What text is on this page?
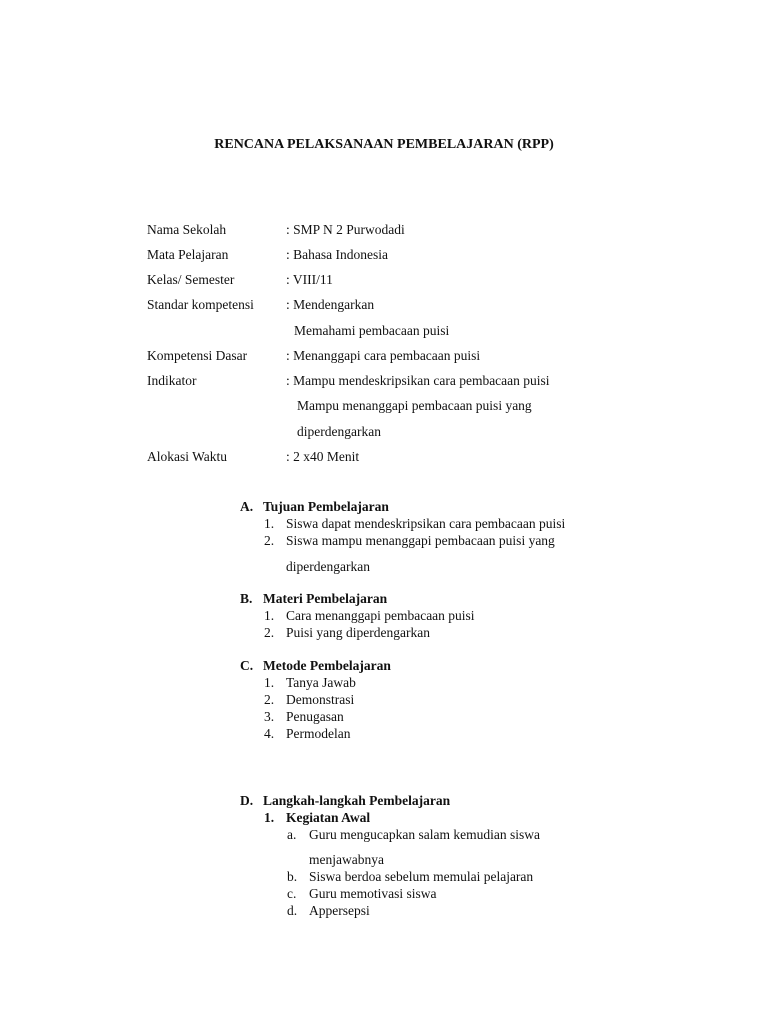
RENCANA PELAKSANAAN PEMBELAJARAN (RPP)
Nama Sekolah	: SMP N 2 Purwodadi
Mata Pelajaran	: Bahasa Indonesia
Kelas/ Semester	: VIII/11
Standar kompetensi : Mendengarkan
Memahami pembacaan puisi
Kompetensi Dasar	: Menanggapi cara pembacaan puisi
Indikator	: Mampu mendeskripsikan cara pembacaan puisi
Mampu menanggapi pembacaan puisi yang
diperdengarkan
Alokasi Waktu	: 2 x40 Menit
A. Tujuan Pembelajaran
1. Siswa dapat mendeskripsikan cara pembacaan puisi
2. Siswa mampu menanggapi pembacaan puisi yang
diperdengarkan
B. Materi Pembelajaran
1. Cara menanggapi pembacaan puisi
2. Puisi yang diperdengarkan
C. Metode Pembelajaran
1. Tanya Jawab
2. Demonstrasi
3. Penugasan
4. Permodelan
D. Langkah-langkah Pembelajaran
1. Kegiatan Awal
a. Guru mengucapkan salam kemudian siswa
menjawabnya
b. Siswa berdoa sebelum memulai pelajaran
c. Guru memotivasi siswa
d. Appersepsi
